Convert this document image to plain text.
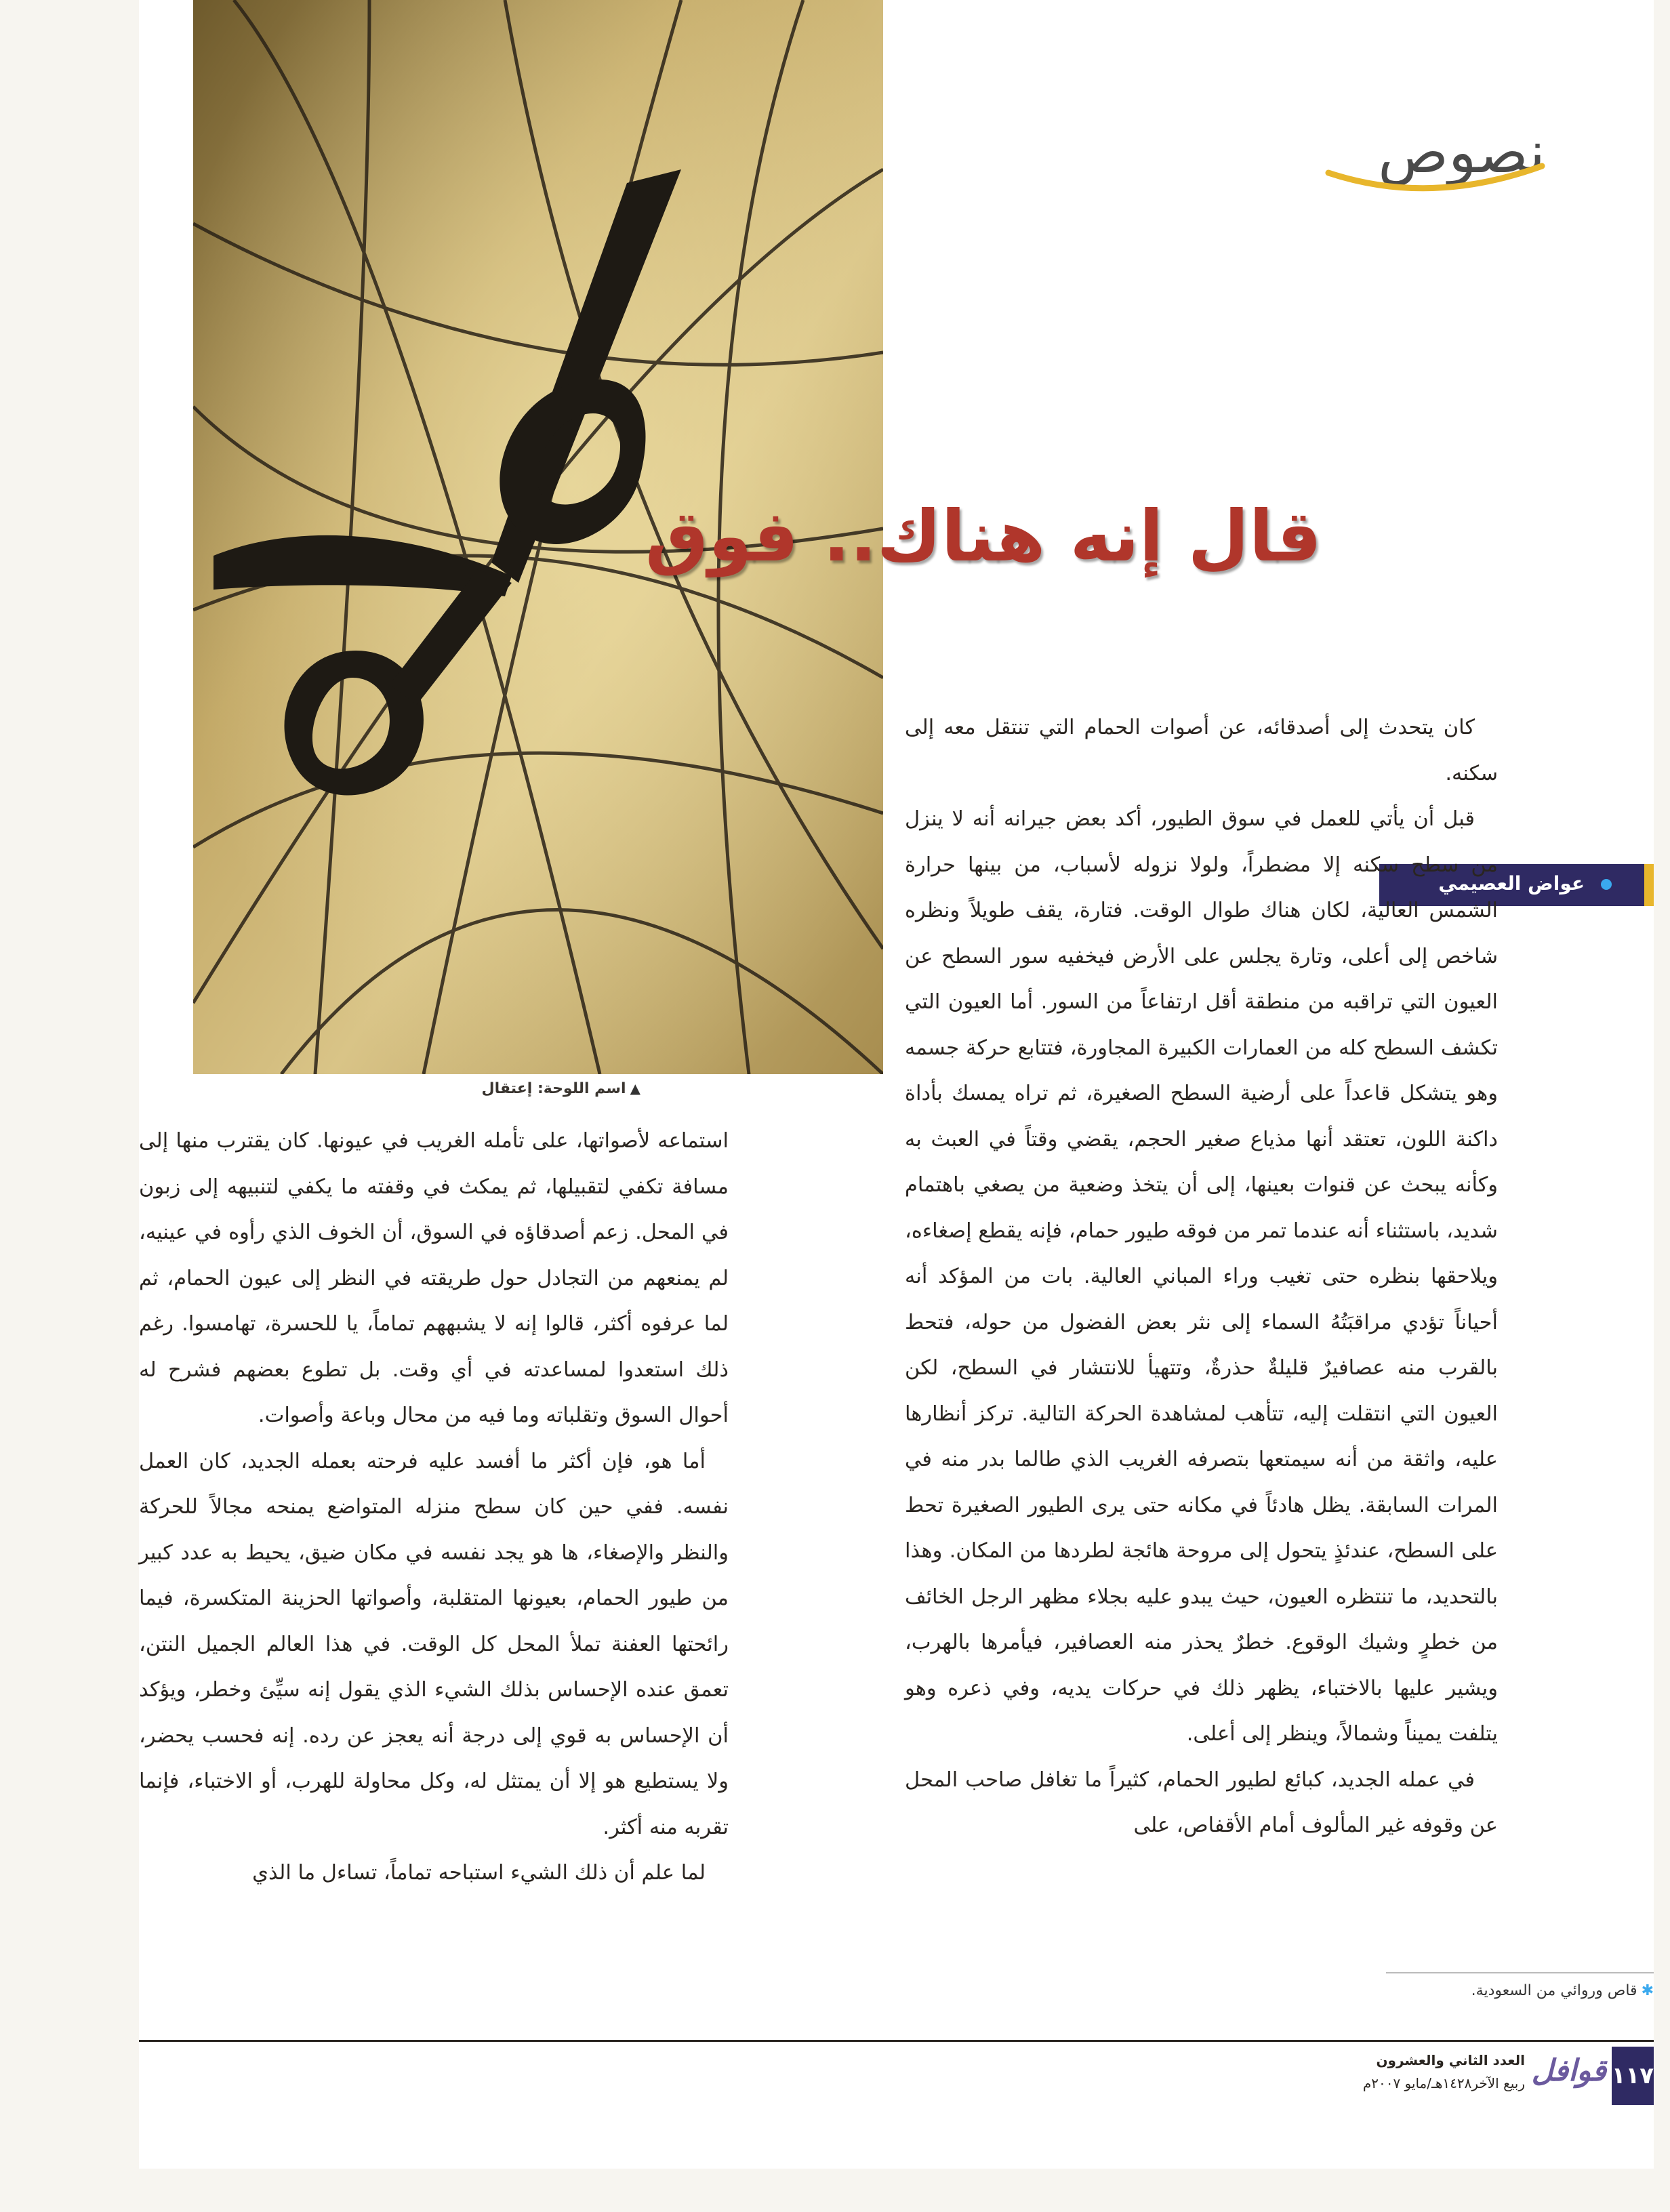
▲اسم اللوحة: إعتقال
نصوص
قال إنه هناك.. فوق
عواض العصيمي

كان يتحدث إلى أصدقائه، عن أصوات الحمام التي تنتقل معه إلى سكنه.

قبل أن يأتي للعمل في سوق الطيور، أكد بعض جيرانه أنه لا ينزل من سطح سكنه إلا مضطراً، ولولا نزوله لأسباب، من بينها حرارة الشمس العالية، لكان هناك طوال الوقت. فتارة، يقف طويلاً ونظره شاخص إلى أعلى، وتارة يجلس على الأرض فيخفيه سور السطح عن العيون التي تراقبه من منطقة أقل ارتفاعاً من السور. أما العيون التي تكشف السطح كله من العمارات الكبيرة المجاورة، فتتابع حركة جسمه وهو يتشكل قاعداً على أرضية السطح الصغيرة، ثم تراه يمسك بأداة داكنة اللون، تعتقد أنها مذياع صغير الحجم، يقضي وقتاً في العبث به وكأنه يبحث عن قنوات بعينها، إلى أن يتخذ وضعية من يصغي باهتمام شديد، باستثناء أنه عندما تمر من فوقه طيور حمام، فإنه يقطع إصغاءه، ويلاحقها بنظره حتى تغيب وراء المباني العالية. بات من المؤكد أنه أحياناً تؤدي مراقبَتُهُ السماء إلى نثر بعض الفضول من حوله، فتحط بالقرب منه عصافيرٌ قليلةٌ حذرةٌ، وتتهيأ للانتشار في السطح، لكن العيون التي انتقلت إليه، تتأهب لمشاهدة الحركة التالية. تركز أنظارها عليه، واثقة من أنه سيمتعها بتصرفه الغريب الذي طالما بدر منه في المرات السابقة. يظل هادئاً في مكانه حتى يرى الطيور الصغيرة تحط على السطح، عندئذٍ يتحول إلى مروحة هائجة لطردها من المكان. وهذا بالتحديد، ما تنتظره العيون، حيث يبدو عليه بجلاء مظهر الرجل الخائف من خطرٍ وشيك الوقوع. خطرٌ يحذر منه العصافير، فيأمرها بالهرب، ويشير عليها بالاختباء، يظهر ذلك في حركات يديه، وفي ذعره وهو يتلفت يميناً وشمالاً، وينظر إلى أعلى.

في عمله الجديد، كبائع لطيور الحمام، كثيراً ما تغافل صاحب المحل عن وقوفه غير المألوف أمام الأقفاص، على

استماعه لأصواتها، على تأمله الغريب في عيونها. كان يقترب منها إلى مسافة تكفي لتقبيلها، ثم يمكث في وقفته ما يكفي لتنبيهه إلى زبون في المحل. زعم أصدقاؤه في السوق، أن الخوف الذي رأوه في عينيه، لم يمنعهم من التجادل حول طريقته في النظر إلى عيون الحمام، ثم لما عرفوه أكثر، قالوا إنه لا يشبههم تماماً، يا للحسرة، تهامسوا. رغم ذلك استعدوا لمساعدته في أي وقت. بل تطوع بعضهم فشرح له أحوال السوق وتقلباته وما فيه من محال وباعة وأصوات.

أما هو، فإن أكثر ما أفسد عليه فرحته بعمله الجديد، كان العمل نفسه. ففي حين كان سطح منزله المتواضع يمنحه مجالاً للحركة والنظر والإصغاء، ها هو يجد نفسه في مكان ضيق، يحيط به عدد كبير من طيور الحمام، بعيونها المتقلبة، وأصواتها الحزينة المتكسرة، فيما رائحتها العفنة تملأ المحل كل الوقت. في هذا العالم الجميل النتن، تعمق عنده الإحساس بذلك الشيء الذي يقول إنه سيِّئ وخطر، ويؤكد أن الإحساس به قوي إلى درجة أنه يعجز عن رده. إنه فحسب يحضر، ولا يستطيع هو إلا أن يمتثل له، وكل محاولة للهرب، أو الاختباء، فإنما تقربه منه أكثر.

لما علم أن ذلك الشيء استباحه تماماً، تساءل ما الذي

✱قاص وروائي من السعودية.
١١٧
قوافل
العدد الثاني والعشرون
ربيع الآخر١٤٢٨هـ/مايو ٢٠٠٧م
